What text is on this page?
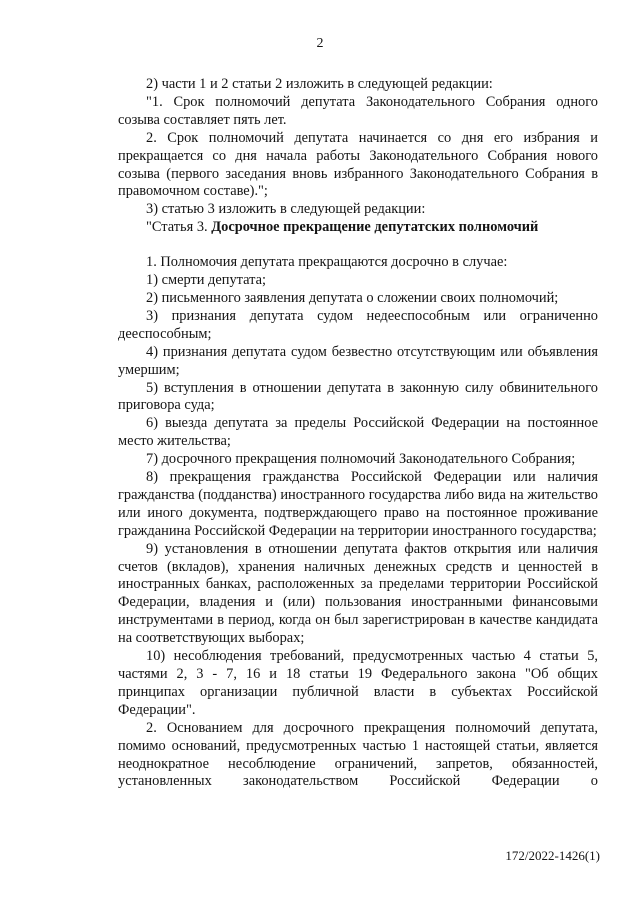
2

2) части 1 и 2 статьи 2 изложить в следующей редакции:

"1. Срок полномочий депутата Законодательного Собрания одного созыва составляет пять лет.

2. Срок полномочий депутата начинается со дня его избрания и прекращается со дня начала работы Законодательного Собрания нового созыва (первого заседания вновь избранного Законодательного Собрания в правомочном составе).";

3) статью 3 изложить в следующей редакции:

"Статья 3. Досрочное прекращение депутатских полномочий

1. Полномочия депутата прекращаются досрочно в случае:

1) смерти депутата;

2) письменного заявления депутата о сложении своих полномочий;

3) признания депутата судом недееспособным или ограниченно дееспособным;

4) признания депутата судом безвестно отсутствующим или объявления умершим;

5) вступления в отношении депутата в законную силу обвинительного приговора суда;

6) выезда депутата за пределы Российской Федерации на постоянное место жительства;

7) досрочного прекращения полномочий Законодательного Собрания;

8) прекращения гражданства Российской Федерации или наличия гражданства (подданства) иностранного государства либо вида на жительство или иного документа, подтверждающего право на постоянное проживание гражданина Российской Федерации на территории иностранного государства;

9) установления в отношении депутата фактов открытия или наличия счетов (вкладов), хранения наличных денежных средств и ценностей в иностранных банках, расположенных за пределами территории Российской Федерации, владения и (или) пользования иностранными финансовыми инструментами в период, когда он был зарегистрирован в качестве кандидата на соответствующих выборах;

10) несоблюдения требований, предусмотренных частью 4 статьи 5, частями 2, 3 - 7, 16 и 18 статьи 19 Федерального закона "Об общих принципах организации публичной власти в субъектах Российской Федерации".

2. Основанием для досрочного прекращения полномочий депутата, помимо оснований, предусмотренных частью 1 настоящей статьи, является неоднократное несоблюдение ограничений, запретов, обязанностей, установленных законодательством Российской Федерации о

172/2022-1426(1)
